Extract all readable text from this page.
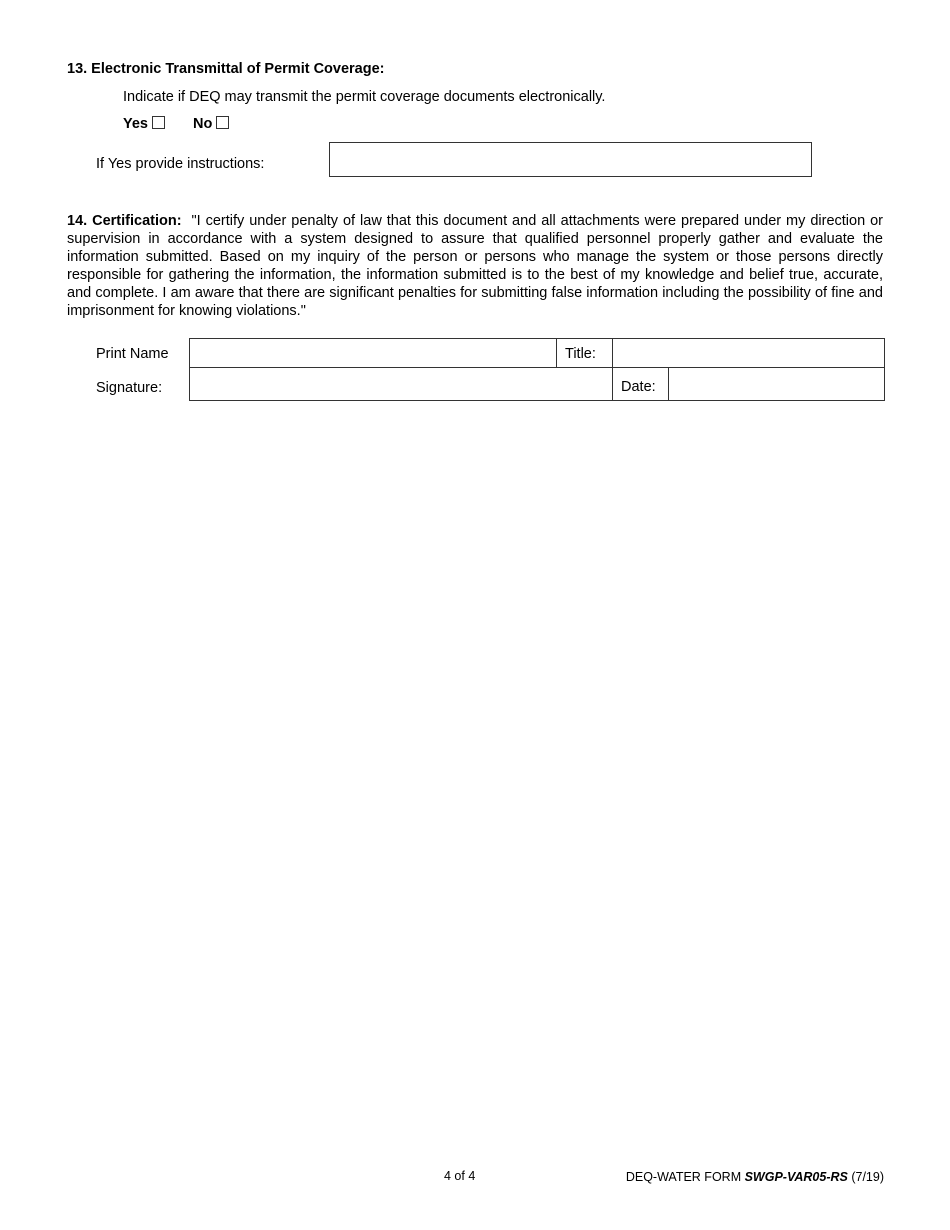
13. Electronic Transmittal of Permit Coverage:
Indicate if DEQ may transmit the permit coverage documents electronically.
Yes	No
If Yes provide instructions:
14. Certification: "I certify under penalty of law that this document and all attachments were prepared under my direction or supervision in accordance with a system designed to assure that qualified personnel properly gather and evaluate the information submitted. Based on my inquiry of the person or persons who manage the system or those persons directly responsible for gathering the information, the information submitted is to the best of my knowledge and belief true, accurate, and complete. I am aware that there are significant penalties for submitting false information including the possibility of fine and imprisonment for knowing violations."
Print Name	Title:
Signature:	Date:
4 of 4	DEQ-WATER FORM SWGP-VAR05-RS (7/19)
